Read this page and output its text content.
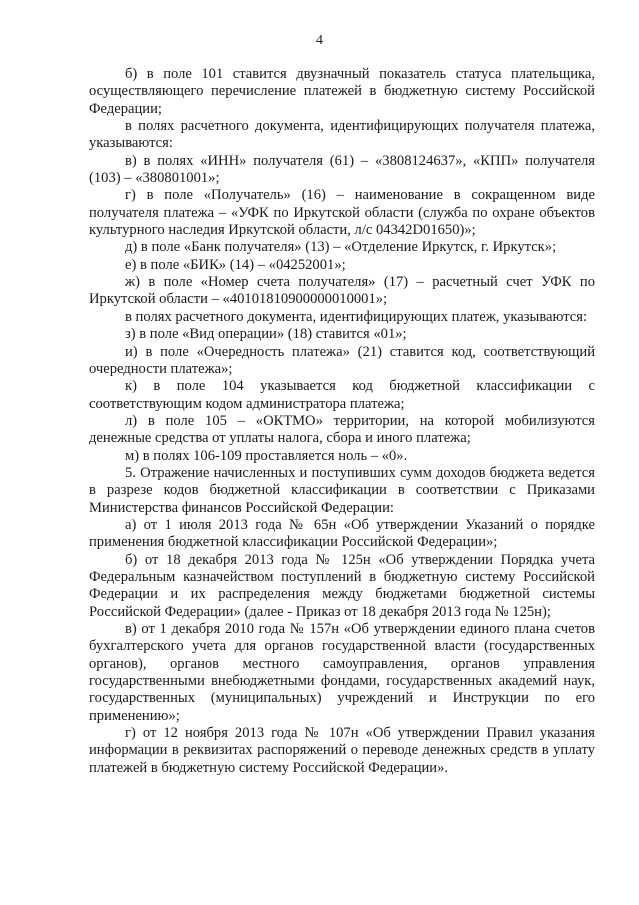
4

б) в поле 101 ставится двузначный показатель статуса плательщика, осуществляющего перечисление платежей в бюджетную систему Российской Федерации;

в полях расчетного документа, идентифицирующих получателя платежа, указываются:

в) в полях «ИНН» получателя (61) – «3808124637», «КПП» получателя (103) – «380801001»;

г) в поле «Получатель» (16) – наименование в сокращенном виде получателя платежа – «УФК по Иркутской области (служба по охране объектов культурного наследия Иркутской области, л/с 04342D01650)»;

д) в поле «Банк получателя» (13) – «Отделение Иркутск, г. Иркутск»;

е) в поле «БИК» (14) – «04252001»;

ж) в поле «Номер счета получателя» (17) – расчетный счет УФК по Иркутской области – «40101810900000010001»;

в полях расчетного документа, идентифицирующих платеж, указываются:

з) в поле «Вид операции» (18) ставится «01»;

и) в поле «Очередность платежа» (21) ставится код, соответствующий очередности платежа»;

к) в поле 104 указывается код бюджетной классификации с соответствующим кодом администратора платежа;

л) в поле 105 – «ОКТМО» территории, на которой мобилизуются денежные средства от уплаты налога, сбора и иного платежа;

м) в полях 106-109 проставляется ноль – «0».

5. Отражение начисленных и поступивших сумм доходов бюджета ведется в разрезе кодов бюджетной классификации в соответствии с Приказами Министерства финансов Российской Федерации:

а) от 1 июля 2013 года № 65н «Об утверждении Указаний о порядке применения бюджетной классификации Российской Федерации»;

б) от 18 декабря 2013 года № 125н «Об утверждении Порядка учета Федеральным казначейством поступлений в бюджетную систему Российской Федерации и их распределения между бюджетами бюджетной системы Российской Федерации» (далее - Приказ от 18 декабря 2013 года № 125н);

в) от 1 декабря 2010 года № 157н «Об утверждении единого плана счетов бухгалтерского учета для органов государственной власти (государственных органов), органов местного самоуправления, органов управления государственными внебюджетными фондами, государственных академий наук, государственных (муниципальных) учреждений и Инструкции по его применению»;

г) от 12 ноября 2013 года № 107н «Об утверждении Правил указания информации в реквизитах распоряжений о переводе денежных средств в уплату платежей в бюджетную систему Российской Федерации».
